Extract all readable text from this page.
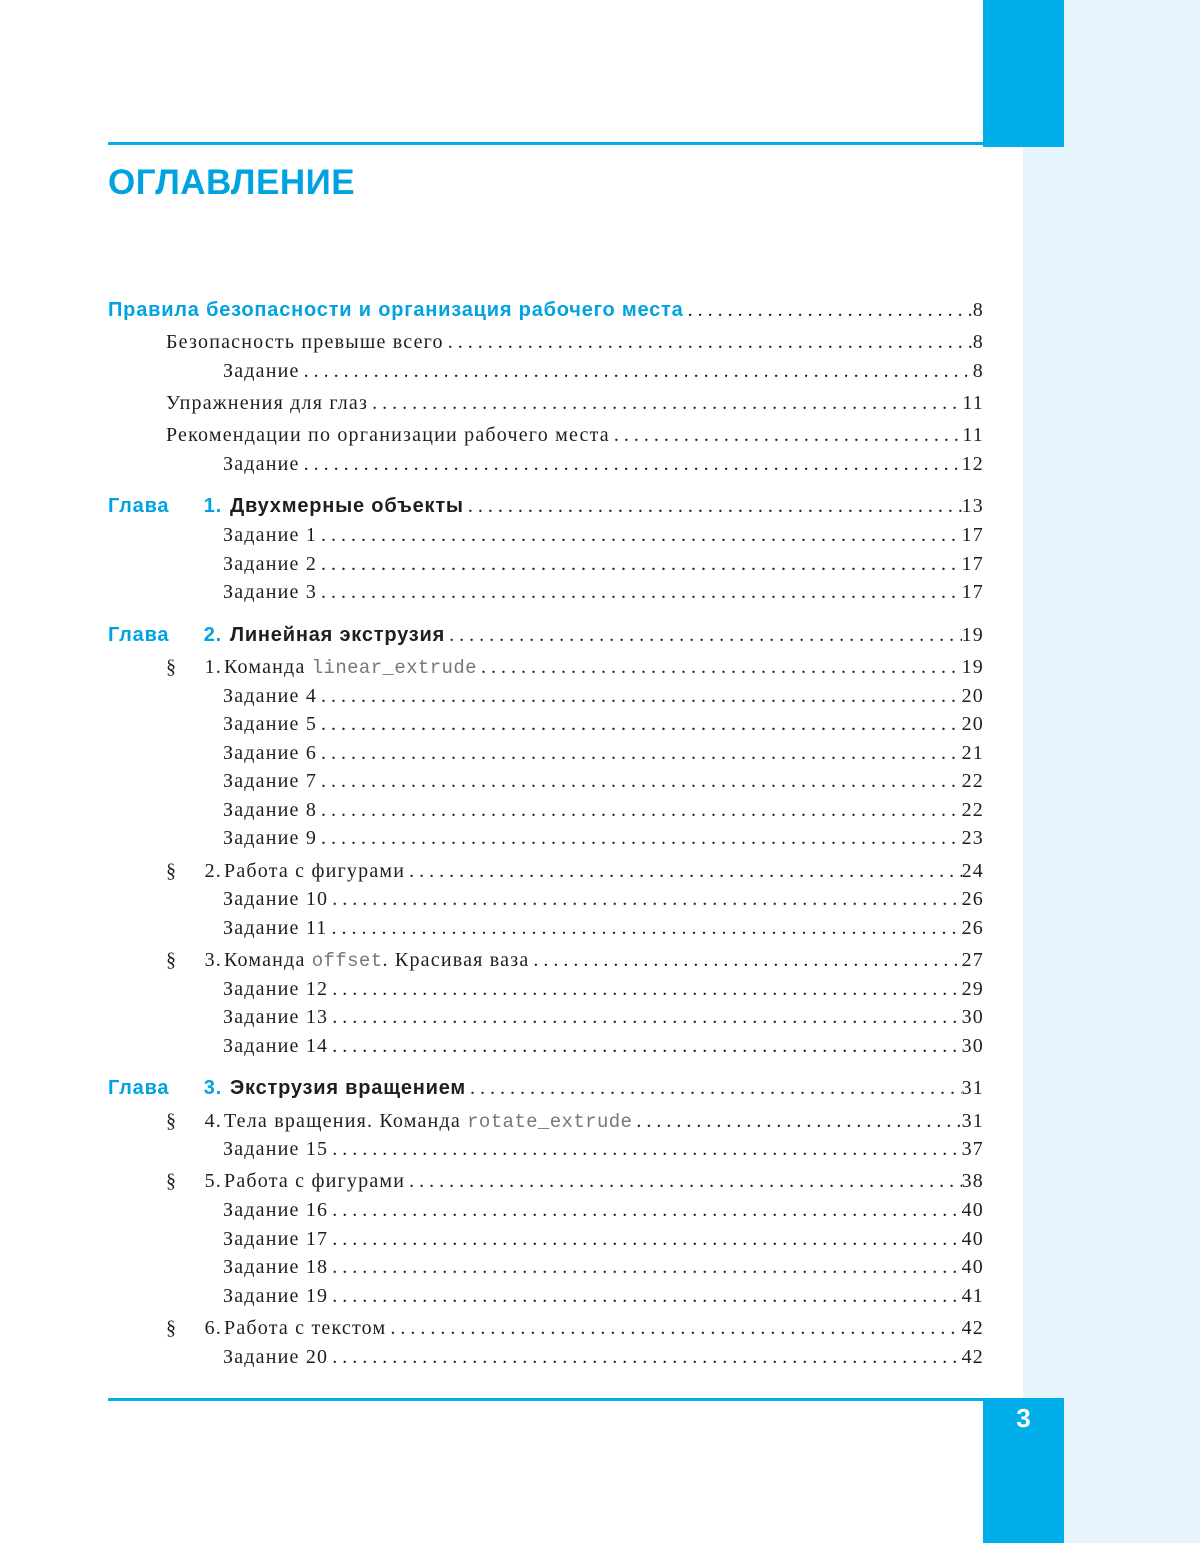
ОГЛАВЛЕНИЕ
Правила безопасности и организация рабочего места . . .	8
Безопасность превыше всего . . .	8
Задание . . .	8
Упражнения для глаз . . .	11
Рекомендации по организации рабочего места . . .	11
Задание . . .	12
Глава 1. Двухмерные объекты . . .	13
Задание 1 . . .	17
Задание 2 . . .	17
Задание 3 . . .	17
Глава 2. Линейная экструзия . . .	19
§ 1. Команда linear_extrude . . .	19
Задание 4 . . .	20
Задание 5 . . .	20
Задание 6 . . .	21
Задание 7 . . .	22
Задание 8 . . .	22
Задание 9 . . .	23
§ 2. Работа с фигурами . . .	24
Задание 10 . . .	26
Задание 11 . . .	26
§ 3. Команда offset. Красивая ваза . . .	27
Задание 12 . . .	29
Задание 13 . . .	30
Задание 14 . . .	30
Глава 3. Экструзия вращением . . .	31
§ 4. Тела вращения. Команда rotate_extrude . . .	31
Задание 15 . . .	37
§ 5. Работа с фигурами . . .	38
Задание 16 . . .	40
Задание 17 . . .	40
Задание 18 . . .	40
Задание 19 . . .	41
§ 6. Работа с текстом . . .	42
Задание 20 . . .	42
3
